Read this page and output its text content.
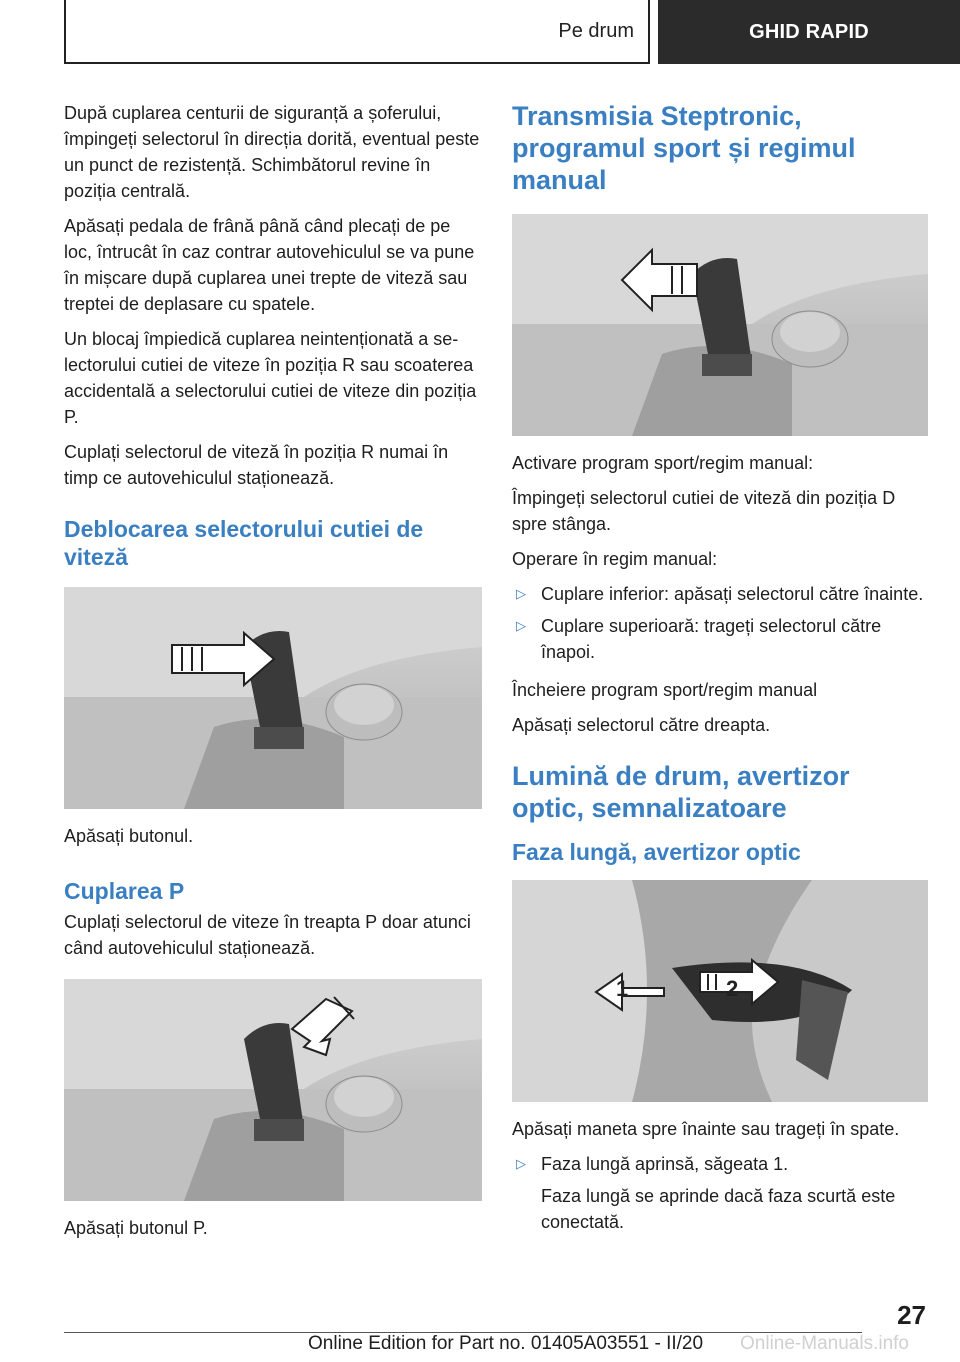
Pe drum	GHID RAPID

După cuplarea centurii de siguranță a șoferului, împingeți selectorul în direcția dorită, eventual peste un punct de rezistență. Schimbătorul revine în poziția centrală.

Apăsați pedala de frână până când plecați de pe loc, întrucât în caz contrar autovehiculul se va pune în mișcare după cuplarea unei trepte de viteză sau treptei de deplasare cu spatele.

Un blocaj împiedică cuplarea neintenționată a selectorului cutiei de viteze în poziția R sau scoaterea accidentală a selectorului cutiei de viteze din poziția P.

Cuplați selectorul de viteză în poziția R numai în timp ce autovehiculul staționează.

Deblocarea selectorului cutiei de viteză

Apăsați butonul.

Cuplarea P

Cuplați selectorul de viteze în treapta P doar atunci când autovehiculul staționează.

Apăsați butonul P.

Transmisia Steptronic, programul sport și regimul manual

Activare program sport/regim manual:

Împingeți selectorul cutiei de viteză din poziția D spre stânga.

Operare în regim manual:

▷ Cuplare inferior: apăsați selectorul către înainte.
▷ Cuplare superioară: trageți selectorul către înapoi.

Încheiere program sport/regim manual

Apăsați selectorul către dreapta.

Lumină de drum, avertizor optic, semnalizatoare
Faza lungă, avertizor optic
1	2

Apăsați maneta spre înainte sau trageți în spate.

▷ Faza lungă aprinsă, săgeata 1.

Faza lungă se aprinde dacă faza scurtă este conectată.

27
Online Edition for Part no. 01405A03551 - II/20 Online-Manuals.info
